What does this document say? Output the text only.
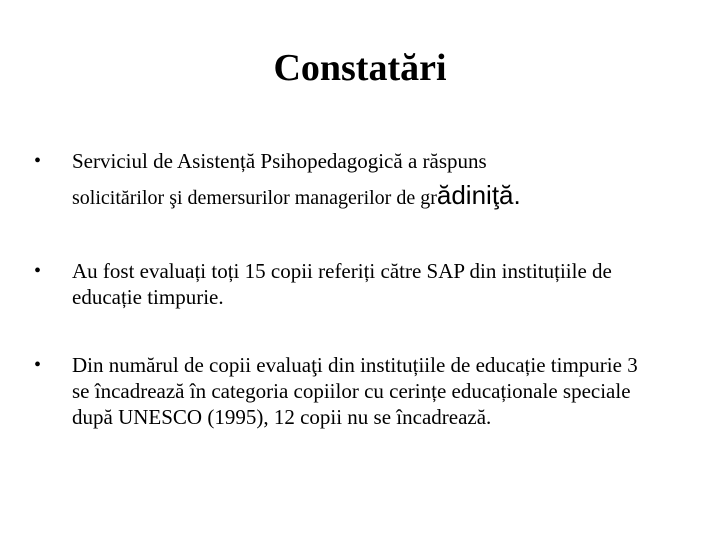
Constatări
• Serviciul de Asistență Psihopedagogică a răspuns
solicitărilor şi demersurilor managerilor de grădiniţă.
• Au fost evaluați toți 15 copii referiți către SAP din instituțiile de educație timpurie.
• Din numărul de copii evaluaţi din instituțiile de educație timpurie 3 se încadrează în categoria copiilor cu cerințe educaționale speciale după UNESCO (1995), 12 copii nu se încadrează.
